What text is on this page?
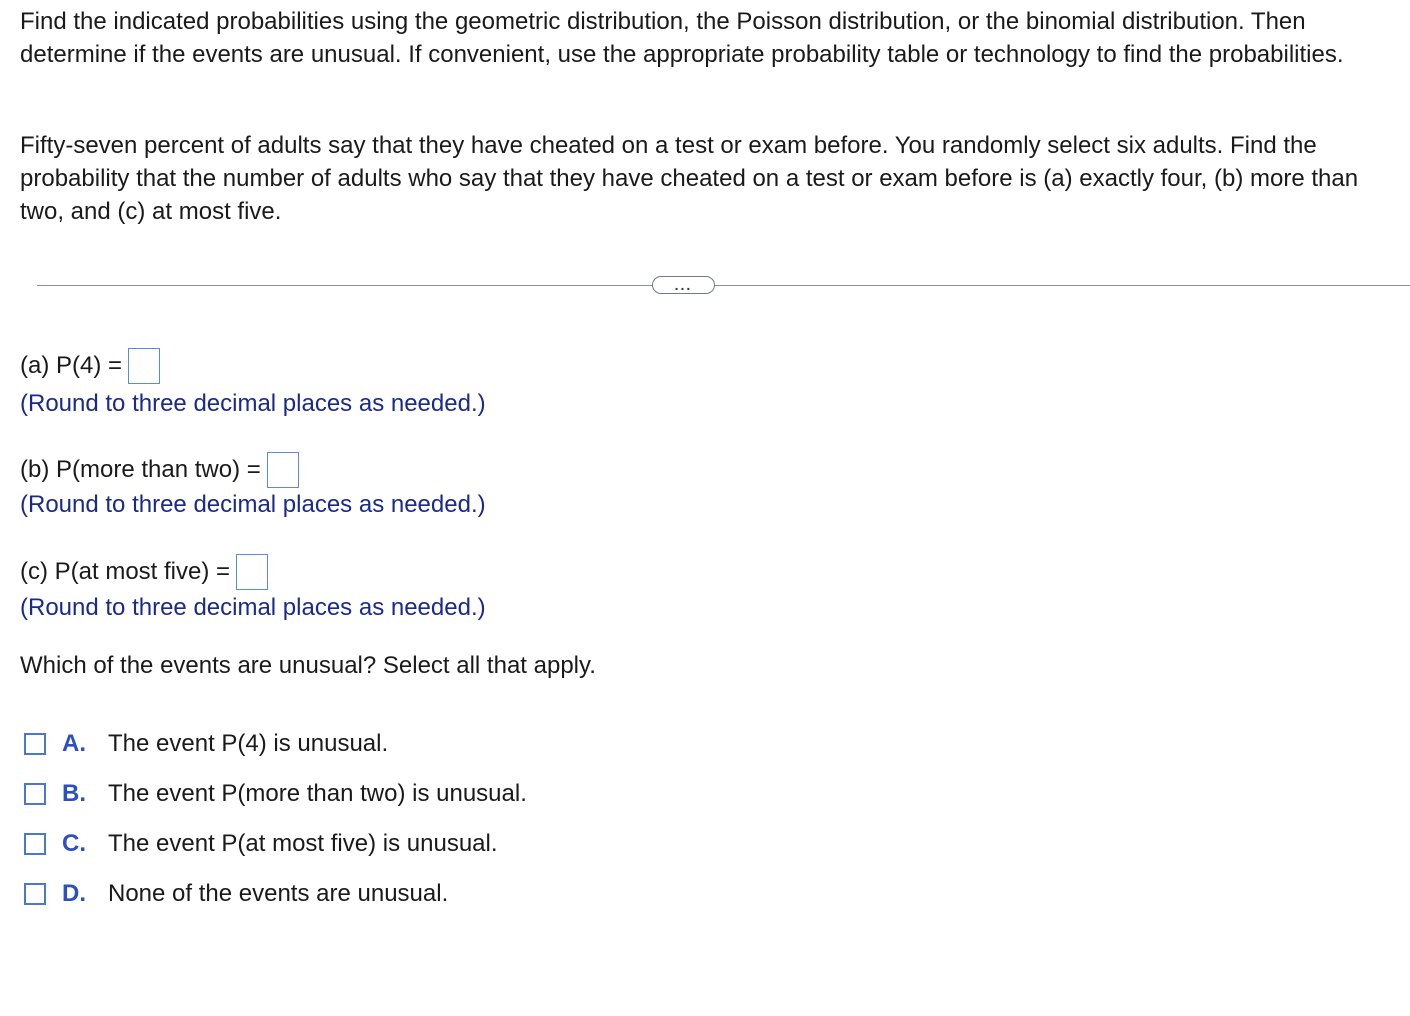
Find the indicated probabilities using the geometric distribution, the Poisson distribution, or the binomial distribution. Then determine if the events are unusual. If convenient, use the appropriate probability table or technology to find the probabilities.

Fifty-seven percent of adults say that they have cheated on a test or exam before. You randomly select six adults. Find the probability that the number of adults who say that they have cheated on a test or exam before is (a) exactly four, (b) more than two, and (c) at most five.

...
(a) P(4) =
(Round to three decimal places as needed.)
(b) P(more than two) =
(Round to three decimal places as needed.)
(c) P(at most five) =
(Round to three decimal places as needed.)
Which of the events are unusual? Select all that apply.
A. The event P(4) is unusual.
B. The event P(more than two) is unusual.
C. The event P(at most five) is unusual.
D. None of the events are unusual.
